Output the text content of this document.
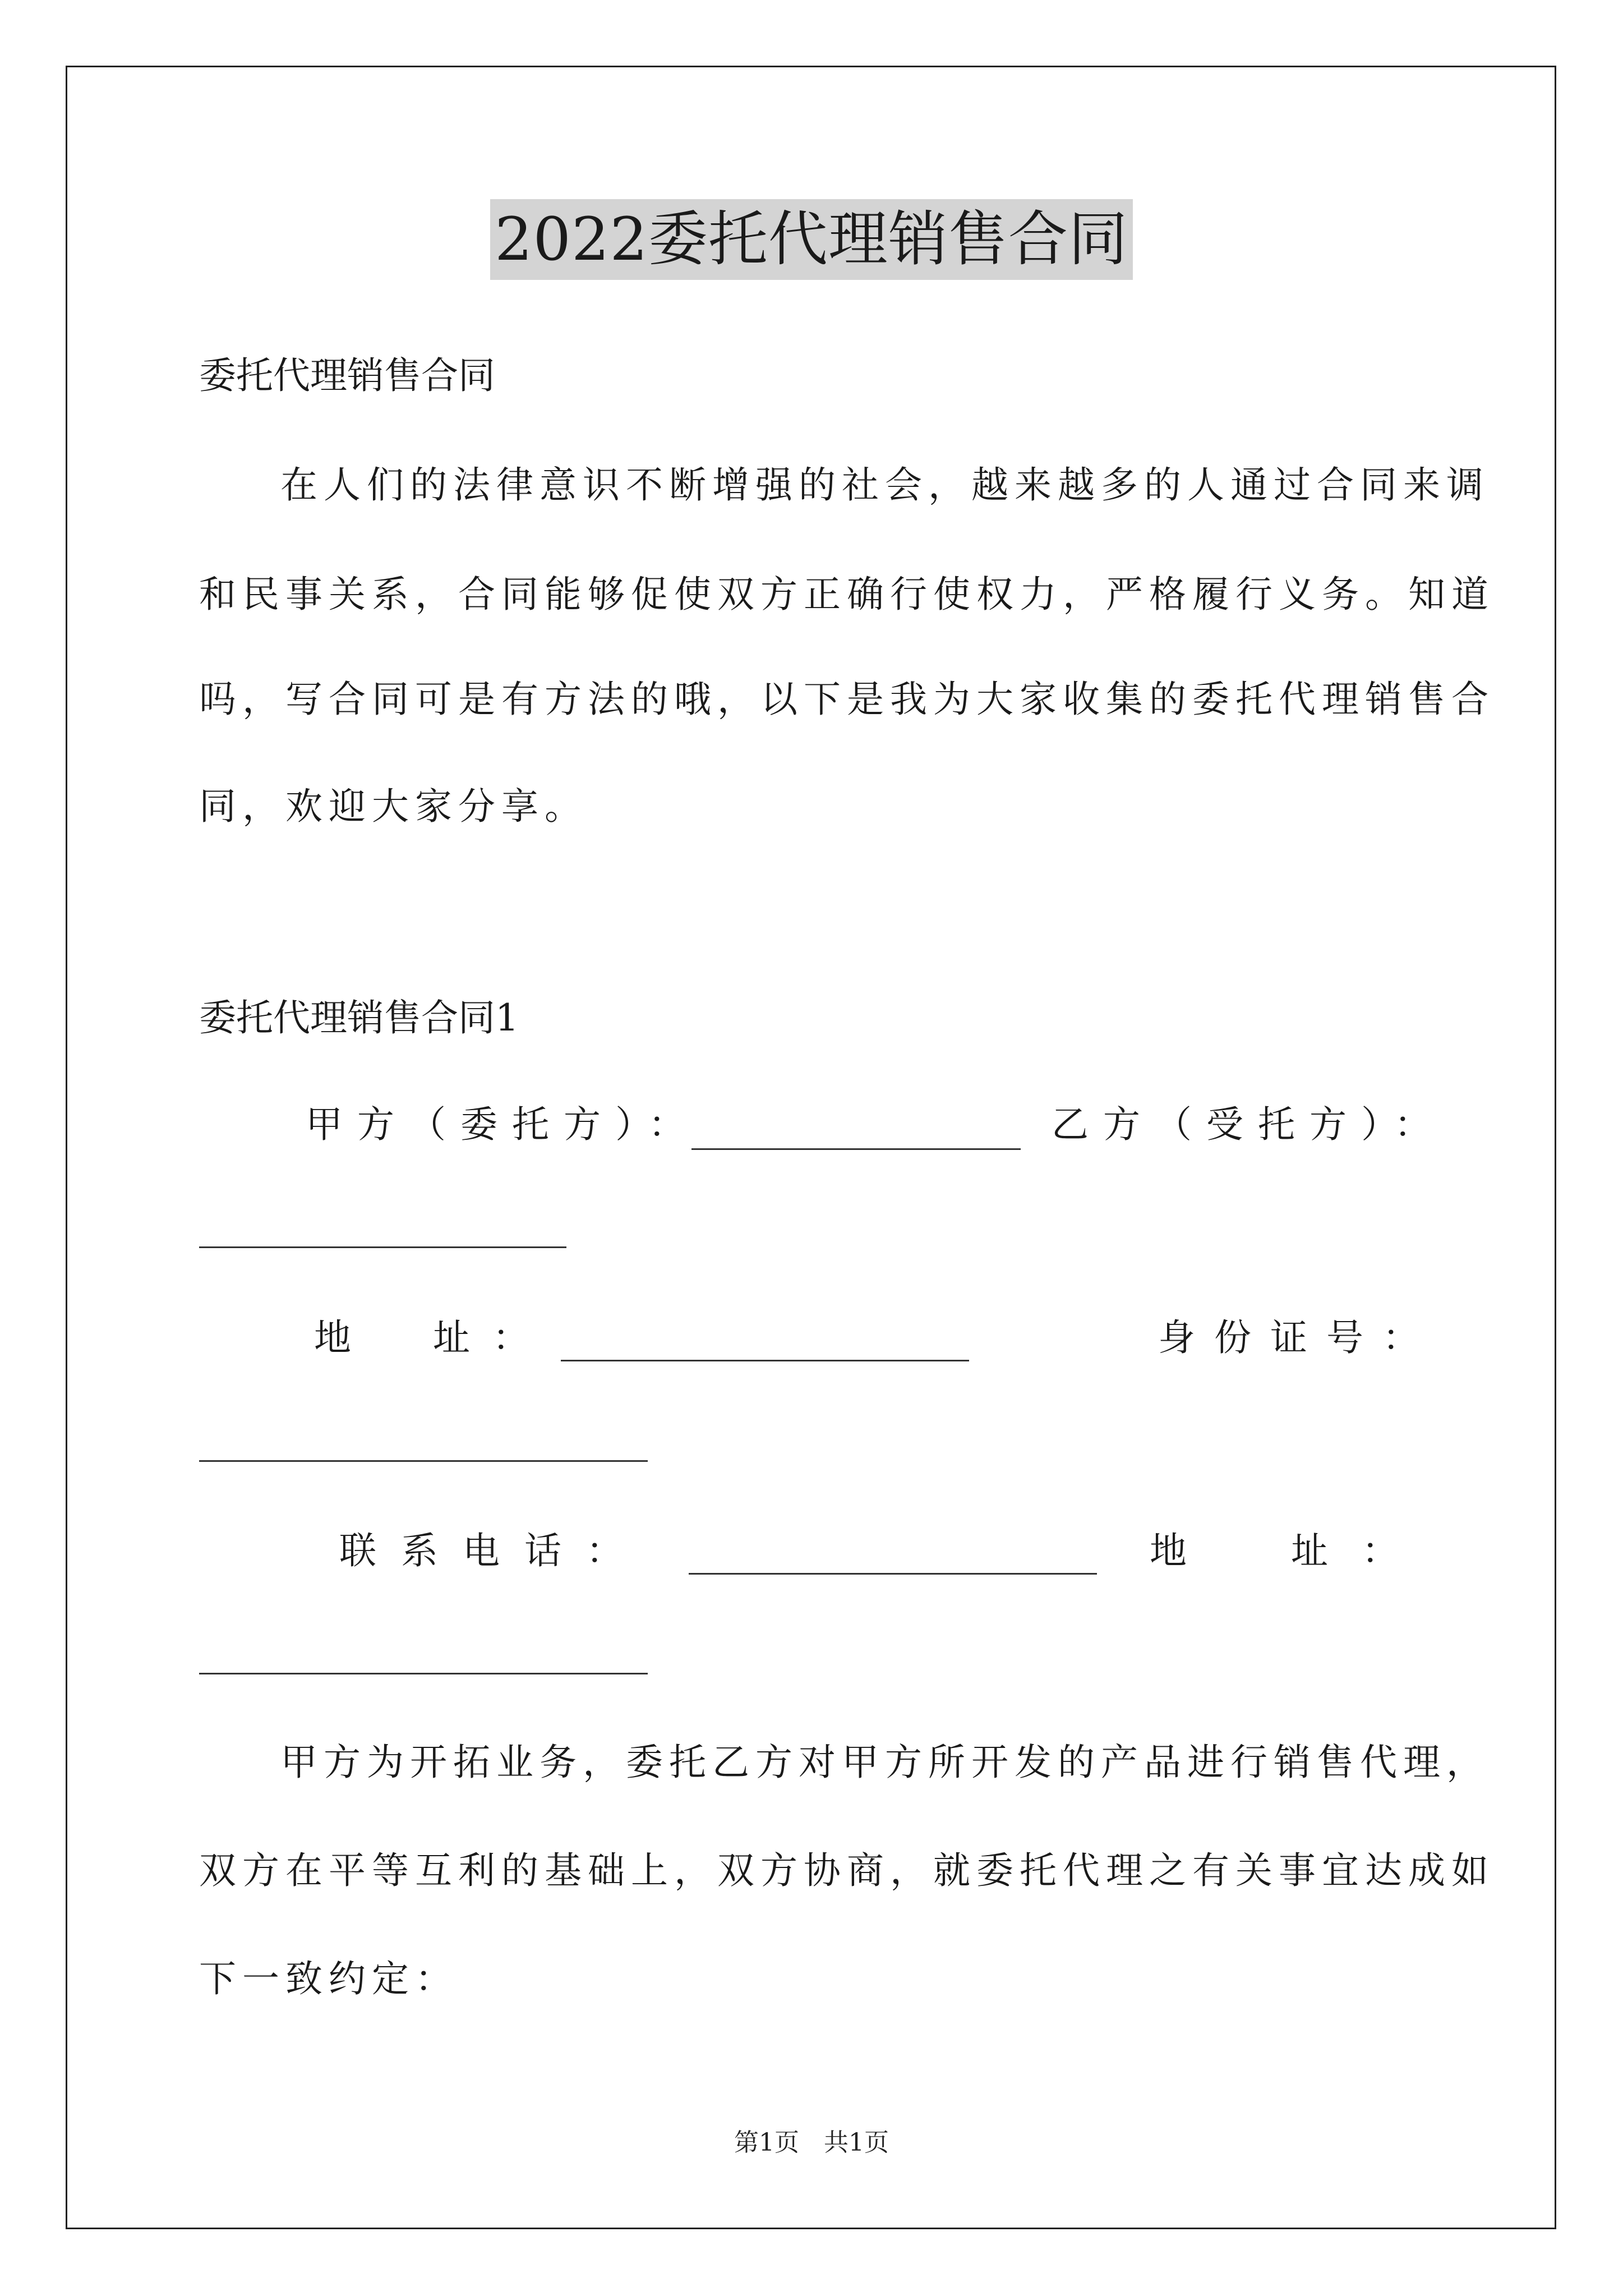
2022委托代理销售合同
委托代理销售合同
在人们的法律意识不断增强的社会，越来越多的人通过合同来调
和民事关系，合同能够促使双方正确行使权力，严格履行义务。知道
吗，写合同可是有方法的哦，以下是我为大家收集的委托代理销售合
同，欢迎大家分享。
委托代理销售合同1
甲方（委托方）：	乙方（受托方）：
地　址：	身份证号：
联系电话：	地　址：
甲方为开拓业务，委托乙方对甲方所开发的产品进行销售代理，
双方在平等互利的基础上，双方协商，就委托代理之有关事宜达成如
下一致约定：
第1页　共1页
